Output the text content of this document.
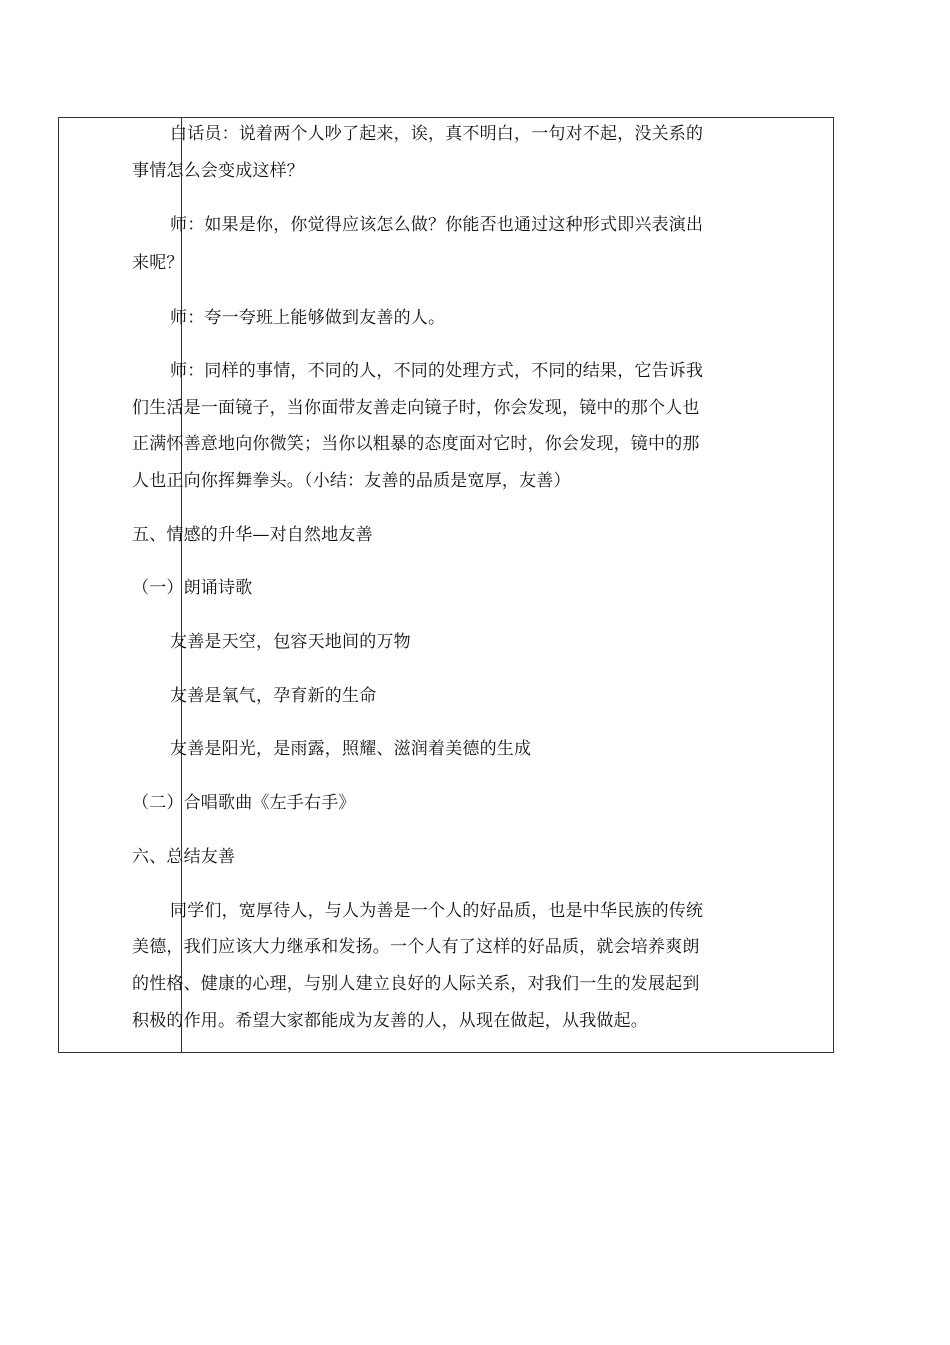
白话员：说着两个人吵了起来，诶，真不明白，一句对不起，没关系的
事情怎么会变成这样？
师：如果是你，你觉得应该怎么做？你能否也通过这种形式即兴表演出
来呢？
师：夸一夸班上能够做到友善的人。
师：同样的事情，不同的人，不同的处理方式，不同的结果，它告诉我
们生活是一面镜子，当你面带友善走向镜子时，你会发现，镜中的那个人也
正满怀善意地向你微笑；当你以粗暴的态度面对它时，你会发现，镜中的那
人也正向你挥舞拳头。（小结：友善的品质是宽厚，友善）
五、情感的升华—对自然地友善
（一）朗诵诗歌
友善是天空，包容天地间的万物
友善是氧气，孕育新的生命
友善是阳光，是雨露，照耀、滋润着美德的生成
（二）合唱歌曲《左手右手》
六、总结友善
同学们，宽厚待人，与人为善是一个人的好品质，也是中华民族的传统
美德，我们应该大力继承和发扬。一个人有了这样的好品质，就会培养爽朗
的性格、健康的心理，与别人建立良好的人际关系，对我们一生的发展起到
积极的作用。希望大家都能成为友善的人，从现在做起，从我做起。
